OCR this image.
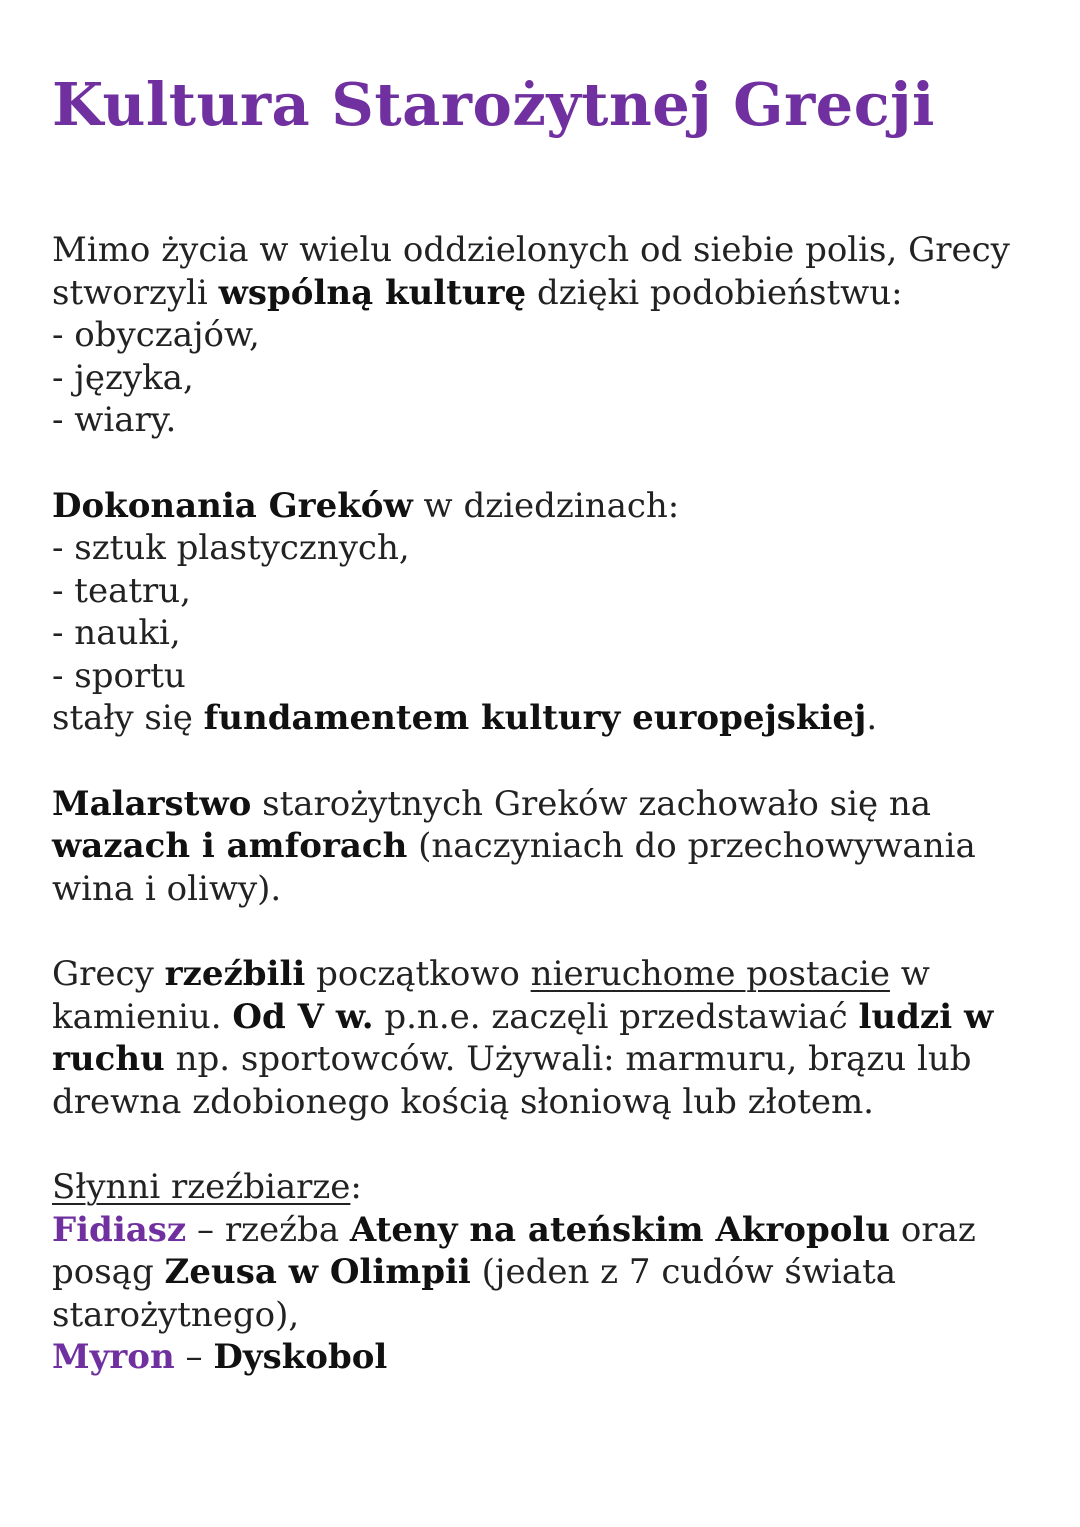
Kultura Starożytnej Grecji
Mimo życia w wielu oddzielonych od siebie polis, Grecy
stworzyli wspólną kulturę dzięki podobieństwu:
- obyczajów,
- języka,
- wiary.
Dokonania Greków w dziedzinach:
- sztuk plastycznych,
- teatru,
- nauki,
- sportu
stały się fundamentem kultury europejskiej.
Malarstwo starożytnych Greków zachowało się na
wazach i amforach (naczyniach do przechowywania
wina i oliwy).
Grecy rzeźbili początkowo nieruchome postacie w
kamieniu. Od V w. p.n.e. zaczęli przedstawiać ludzi w
ruchu np. sportowców. Używali: marmuru, brązu lub
drewna zdobionego kością słoniową lub złotem.
Słynni rzeźbiarze:
Fidiasz – rzeźba Ateny na ateńskim Akropolu oraz
posąg Zeusa w Olimpii (jeden z 7 cudów świata
starożytnego),
Myron – Dyskobol
